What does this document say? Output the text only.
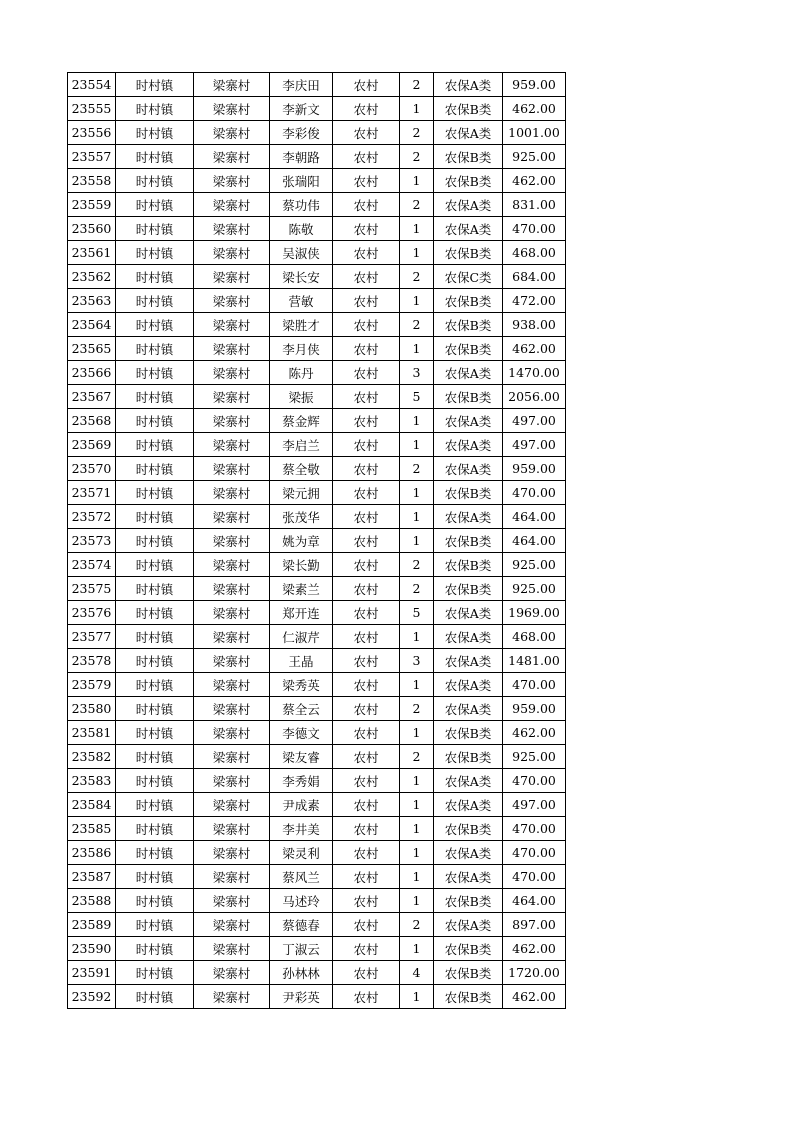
23554	时村镇	梁寨村	李庆田	农村	2	农保A类	959.00
23555	时村镇	梁寨村	李新文	农村	1	农保B类	462.00
23556	时村镇	梁寨村	李彩俊	农村	2	农保A类	1001.00
23557	时村镇	梁寨村	李朝路	农村	2	农保B类	925.00
23558	时村镇	梁寨村	张瑞阳	农村	1	农保B类	462.00
23559	时村镇	梁寨村	蔡功伟	农村	2	农保A类	831.00
23560	时村镇	梁寨村	陈敬	农村	1	农保A类	470.00
23561	时村镇	梁寨村	吴淑侠	农村	1	农保B类	468.00
23562	时村镇	梁寨村	梁长安	农村	2	农保C类	684.00
23563	时村镇	梁寨村	营敏	农村	1	农保B类	472.00
23564	时村镇	梁寨村	梁胜才	农村	2	农保B类	938.00
23565	时村镇	梁寨村	李月侠	农村	1	农保B类	462.00
23566	时村镇	梁寨村	陈丹	农村	3	农保A类	1470.00
23567	时村镇	梁寨村	梁振	农村	5	农保B类	2056.00
23568	时村镇	梁寨村	蔡金辉	农村	1	农保A类	497.00
23569	时村镇	梁寨村	李启兰	农村	1	农保A类	497.00
23570	时村镇	梁寨村	蔡全敬	农村	2	农保A类	959.00
23571	时村镇	梁寨村	梁元拥	农村	1	农保B类	470.00
23572	时村镇	梁寨村	张茂华	农村	1	农保A类	464.00
23573	时村镇	梁寨村	姚为章	农村	1	农保B类	464.00
23574	时村镇	梁寨村	梁长勤	农村	2	农保B类	925.00
23575	时村镇	梁寨村	梁素兰	农村	2	农保B类	925.00
23576	时村镇	梁寨村	郑开连	农村	5	农保A类	1969.00
23577	时村镇	梁寨村	仁淑芹	农村	1	农保A类	468.00
23578	时村镇	梁寨村	王晶	农村	3	农保A类	1481.00
23579	时村镇	梁寨村	梁秀英	农村	1	农保A类	470.00
23580	时村镇	梁寨村	蔡全云	农村	2	农保A类	959.00
23581	时村镇	梁寨村	李德文	农村	1	农保B类	462.00
23582	时村镇	梁寨村	梁友睿	农村	2	农保B类	925.00
23583	时村镇	梁寨村	李秀娟	农村	1	农保A类	470.00
23584	时村镇	梁寨村	尹成素	农村	1	农保A类	497.00
23585	时村镇	梁寨村	李井美	农村	1	农保B类	470.00
23586	时村镇	梁寨村	梁灵利	农村	1	农保A类	470.00
23587	时村镇	梁寨村	蔡风兰	农村	1	农保A类	470.00
23588	时村镇	梁寨村	马述玲	农村	1	农保B类	464.00
23589	时村镇	梁寨村	蔡德春	农村	2	农保A类	897.00
23590	时村镇	梁寨村	丁淑云	农村	1	农保B类	462.00
23591	时村镇	梁寨村	孙林林	农村	4	农保B类	1720.00
23592	时村镇	梁寨村	尹彩英	农村	1	农保B类	462.00
